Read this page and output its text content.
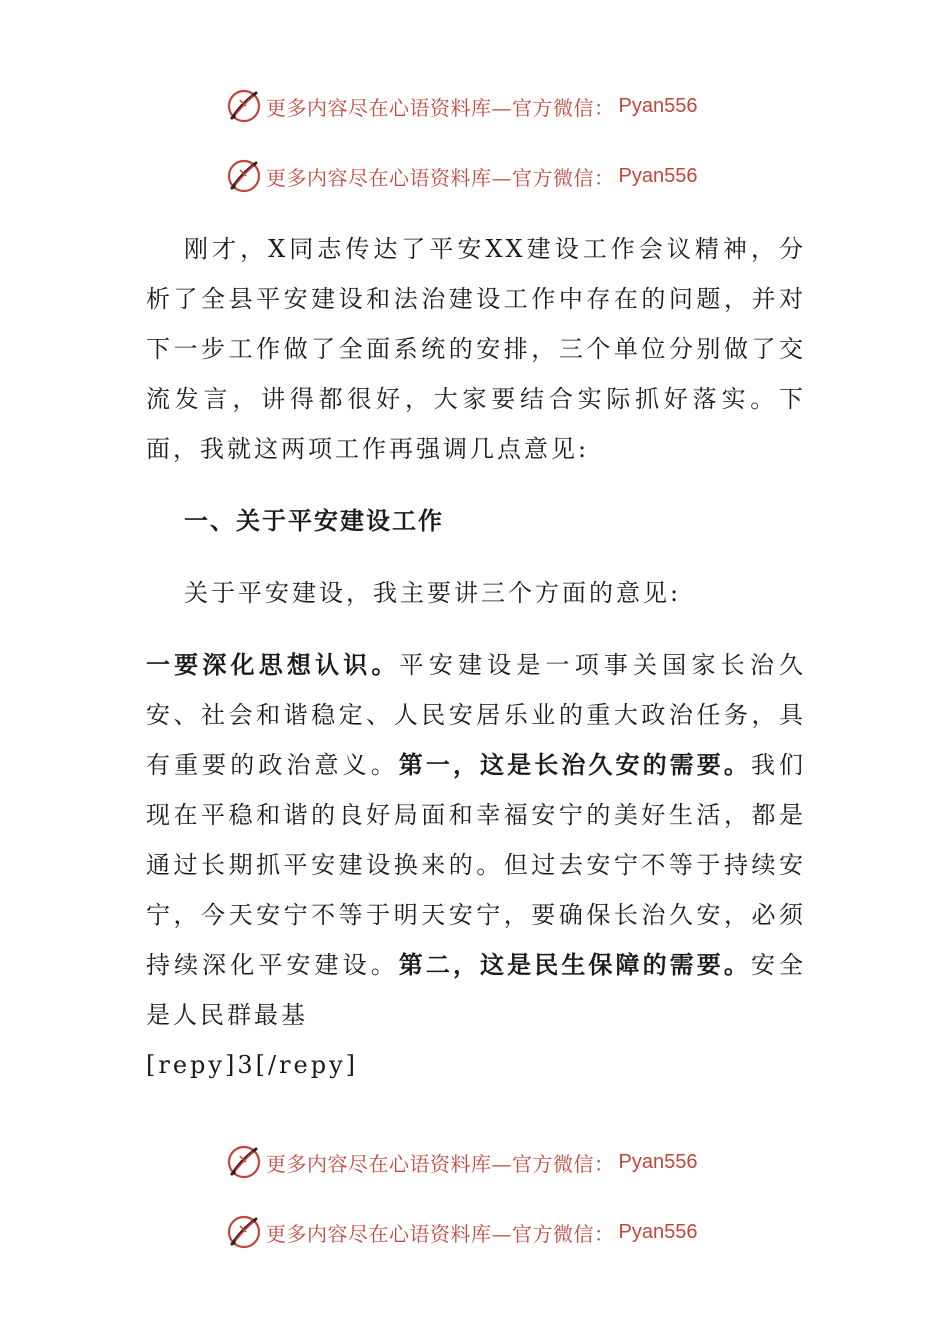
更多内容尽在心语资料库—官方微信： Pyan556
更多内容尽在心语资料库—官方微信： Pyan556

刚才，X同志传达了平安XX建设工作会议精神，分析了全县平安建设和法治建设工作中存在的问题，并对下一步工作做了全面系统的安排，三个单位分别做了交流发言，讲得都很好，大家要结合实际抓好落实。下面，我就这两项工作再强调几点意见:

一、关于平安建设工作

关于平安建设，我主要讲三个方面的意见:

一要深化思想认识。平安建设是一项事关国家长治久安、社会和谐稳定、人民安居乐业的重大政治任务，具有重要的政治意义。第一，这是长治久安的需要。我们现在平稳和谐的良好局面和幸福安宁的美好生活，都是通过长期抓平安建设换来的。但过去安宁不等于持续安宁，今天安宁不等于明天安宁，要确保长治久安，必须持续深化平安建设。第二，这是民生保障的需要。安全是人民群最基

[repy]3[/repy]

更多内容尽在心语资料库—官方微信： Pyan556
更多内容尽在心语资料库—官方微信： Pyan556
